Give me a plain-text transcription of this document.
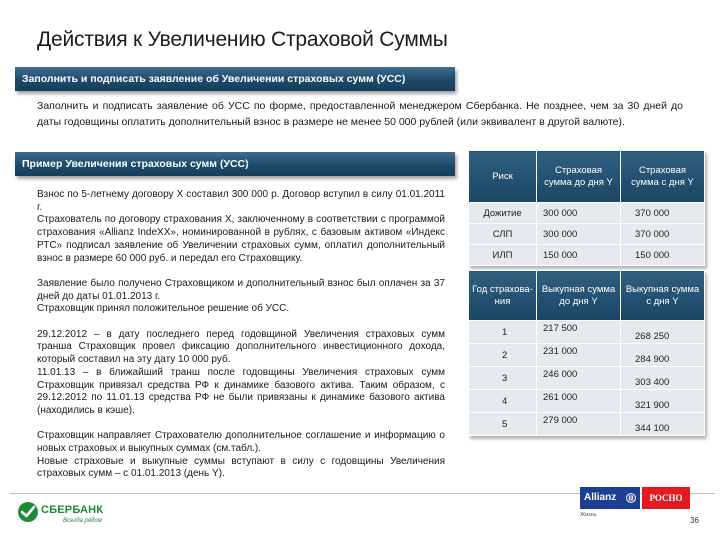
Действия к Увеличению Страховой Суммы
Заполнить и подписать заявление об Увеличении страховых сумм (УСС)
Заполнить и подписать заявление об УСС по форме, предоставленной менеджером Сбербанка. Не позднее, чем за 30 дней до даты годовщины оплатить дополнительный взнос в размере не менее 50 000 рублей (или эквивалент в другой валюте).
Пример Увеличения страховых сумм (УСС)

Взнос по 5-летнему договору X составил 300 000 р. Договор вступил в силу 01.01.2011 г.

Страхователь по договору страхования Х, заключенному в соответствии с программой страхования «Allianz IndeXX», номинированной в рублях, с базовым активом «Индекс РТС» подписал заявление об Увеличении страховых сумм, оплатил дополнительный взнос в размере 60 000 руб. и передал его Страховщику.

Заявление было получено Страховщиком и дополнительный взнос был оплачен за 37 дней до даты 01.01.2013 г.

Страховщик принял положительное решение об УСС.

29.12.2012 – в дату последнего перед годовщиной Увеличения страховых сумм транша Страховщик провел фиксацию дополнительного инвестиционного дохода, который составил на эту дату 10 000 руб.

11.01.13 – в ближайший транш после годовщины Увеличения страховых сумм Страховщик привязал средства РФ к динамике базового актива. Таким образом, с 29.12.2012 по 11.01.13 средства РФ не были привязаны к динамике базового актива (находились в кэше).

Страховщик направляет Страхователю дополнительное соглашение и информацию о новых страховых и выкупных суммах (см.табл.).

Новые страховые и выкупные суммы вступают в силу с годовщины Увеличения страховых сумм – с 01.01.2013 (день Y).

Риск	Страховая сумма до дня Y	Страховая сумма с дня Y
Дожитие	300 000	370 000
СЛП	300 000	370 000
ИЛП	150 000	150 000
Год страхова-ния	Выкупная сумма до дня Y	Выкупная сумма с дня Y
1	217 500	268 250
2	231 000	284 900
3	246 000	303 400
4	261 000	321 900
5	279 000	344 100
СБЕРБАНК
Всегда рядом
Allianz	РОСНО
Жизнь
36
